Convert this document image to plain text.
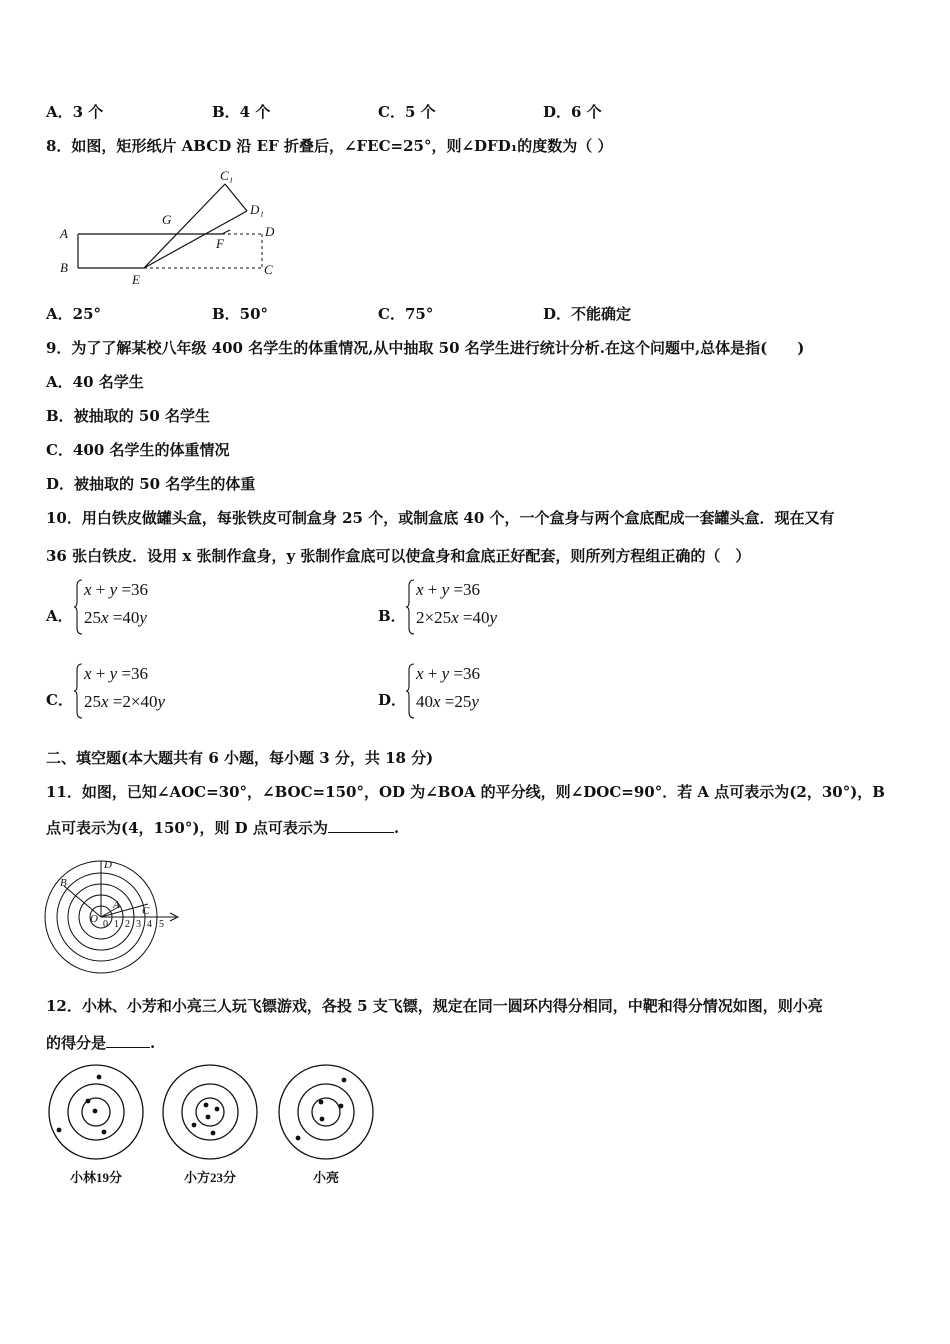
A．3 个	B．4 个	C．5 个	D．6 个
8．如图，矩形纸片 ABCD 沿 EF 折叠后，∠FEC=25°，则∠DFD₁的度数为（ ）
A
B
E
C
D
F
G
C₁
D₁
A．25°	B．50°	C．75°	D．不能确定
9．为了了解某校八年级 400 名学生的体重情况,从中抽取 50 名学生进行统计分析.在这个问题中,总体是指(　　)
A．40 名学生
B．被抽取的 50 名学生
C．400 名学生的体重情况
D．被抽取的 50 名学生的体重
10．用白铁皮做罐头盒，每张铁皮可制盒身 25 个，或制盒底 40 个，一个盒身与两个盒底配成一套罐头盒．现在又有
36 张白铁皮．设用 x 张制作盒身，y 张制作盒底可以使盒身和盒底正好配套，则所列方程组正确的（　）
A．
x + y =36
25x =40y	B．
x + y =36
2×25x =40y
C．
x + y =36
25x =2×40y	D．
x + y =36
40x =25y
二、填空题(本大题共有 6 小题，每小题 3 分，共 18 分)
11．如图，已知∠AOC=30°，∠BOC=150°，OD 为∠BOA 的平分线，则∠DOC=90°．若 A 点可表示为(2，30°)，B
点可表示为(4，150°)，则 D 点可表示为	.
D
B
A C
O 0 1 2 3 4 5
12．小林、小芳和小亮三人玩飞镖游戏，各投 5 支飞镖，规定在同一圆环内得分相同，中靶和得分情况如图，则小亮
的得分是	.
小林19分	小方23分	小亮
